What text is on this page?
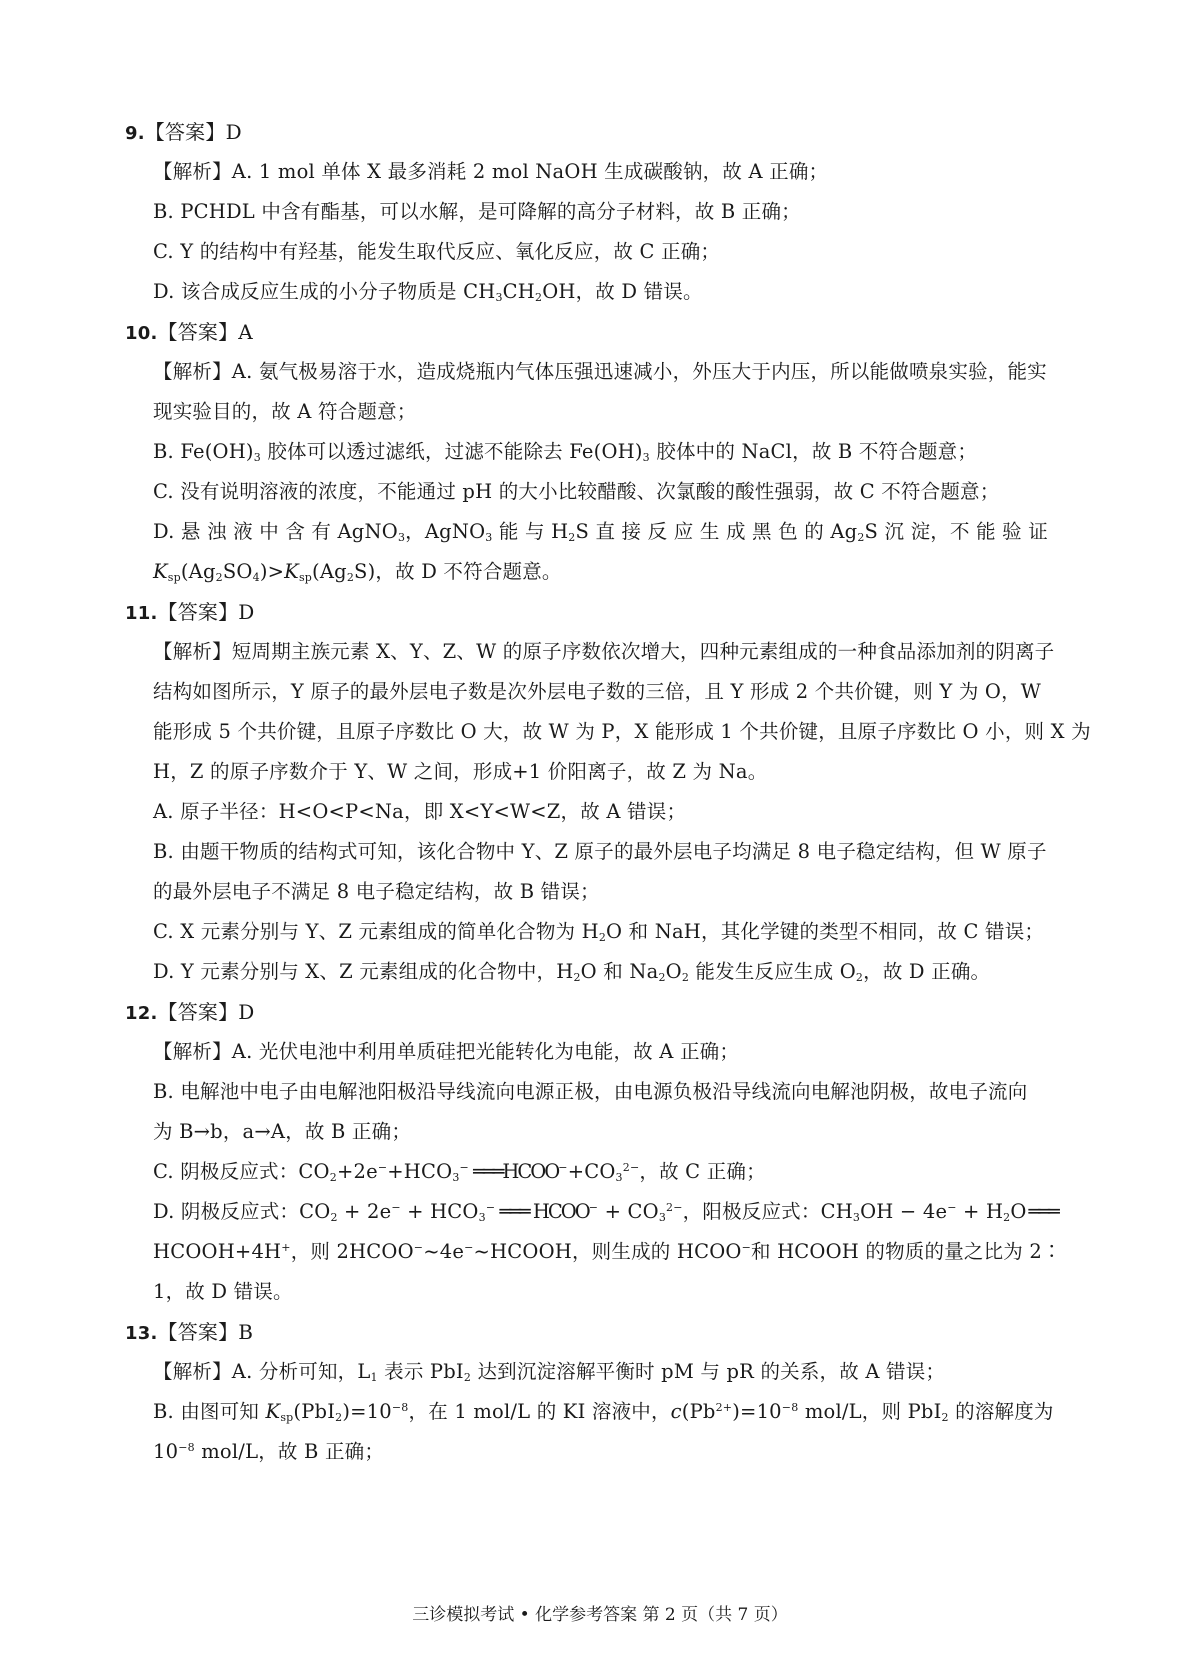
9.【答案】D
【解析】A. 1 mol 单体 X 最多消耗 2 mol NaOH 生成碳酸钠，故 A 正确；
B. PCHDL 中含有酯基，可以水解，是可降解的高分子材料，故 B 正确；
C. Y 的结构中有羟基，能发生取代反应、氧化反应，故 C 正确；
D. 该合成反应生成的小分子物质是 $CH_3CH_2OH$，故 D 错误。
10.【答案】A
【解析】A. 氨气极易溶于水，造成烧瓶内气体压强迅速减小，外压大于内压，所以能做喷泉实验，能实
现实验目的，故 A 符合题意；
B. $Fe(OH)_3$ 胶体可以透过滤纸，过滤不能除去 $Fe(OH)_3$ 胶体中的 NaCl，故 B 不符合题意；
C. 没有说明溶液的浓度，不能通过 pH 的大小比较醋酸、次氯酸的酸性强弱，故 C 不符合题意；
D. 悬 浊 液 中 含 有 AgNO$_3$，AgNO$_3$ 能 与 $H_2S$ 直 接 反 应 生 成 黑 色 的 $Ag_2S$ 沉 淀，不 能 验 证
$K_{sp}(Ag_2SO_4)>K_{sp}(Ag_2S)$，故 D 不符合题意。
11.【答案】D
【解析】短周期主族元素 X、Y、Z、W 的原子序数依次增大，四种元素组成的一种食品添加剂的阴离子
结构如图所示，Y 原子的最外层电子数是次外层电子数的三倍，且 Y 形成 2 个共价键，则 Y 为 O，W
能形成 5 个共价键，且原子序数比 O 大，故 W 为 P，X 能形成 1 个共价键，且原子序数比 O 小，则 X 为
H，Z 的原子序数介于 Y、W 之间，形成+1 价阳离子，故 Z 为 Na。
A. 原子半径：H<O<P<Na，即 X<Y<W<Z，故 A 错误；
B. 由题干物质的结构式可知，该化合物中 Y、Z 原子的最外层电子均满足 8 电子稳定结构，但 W 原子
的最外层电子不满足 8 电子稳定结构，故 B 错误；
C. X 元素分别与 Y、Z 元素组成的简单化合物为 $H_2O$ 和 NaH，其化学键的类型不相同，故 C 错误；
D. Y 元素分别与 X、Z 元素组成的化合物中，$H_2O$ 和 $Na_2O_2$ 能发生反应生成 $O_2$，故 D 正确。
12.【答案】D
【解析】A. 光伏电池中利用单质硅把光能转化为电能，故 A 正确；
B. 电解池中电子由电解池阳极沿导线流向电源正极，由电源负极沿导线流向电解池阴极，故电子流向
为 B→b，a→A，故 B 正确；
C. 阴极反应式：$CO_2+2e^-+HCO_3^-$ $═══HCOO^-+CO_3^{2-}$，故 C 正确；
D. 阴极反应式：$CO_2 + 2e^- + HCO_3^-$ ═══ HCOO− + $CO_3^{2-}$，阳极反应式：$CH_3OH - 4e^- + H_2O$ ═══
HCOOH+4H+，则 2HCOO−~4e−~HCOOH，则生成的 HCOO−和 HCOOH 的物质的量之比为 2∶
1，故 D 错误。
13.【答案】B
【解析】A. 分析可知，$L_1$ 表示 PbI$_2$ 达到沉淀溶解平衡时 pM 与 pR 的关系，故 A 错误；
B. 由图可知 $K_{sp}(PbI_2)=10^{-8}$，在 1 mol/L 的 KI 溶液中，$c(Pb^{2+})=10^{-8}$ mol/L，则 PbI$_2$ 的溶解度为
$10^{-8}$ mol/L，故 B 正确；
三诊模拟考试 • 化学参考答案 第 2 页（共 7 页）
